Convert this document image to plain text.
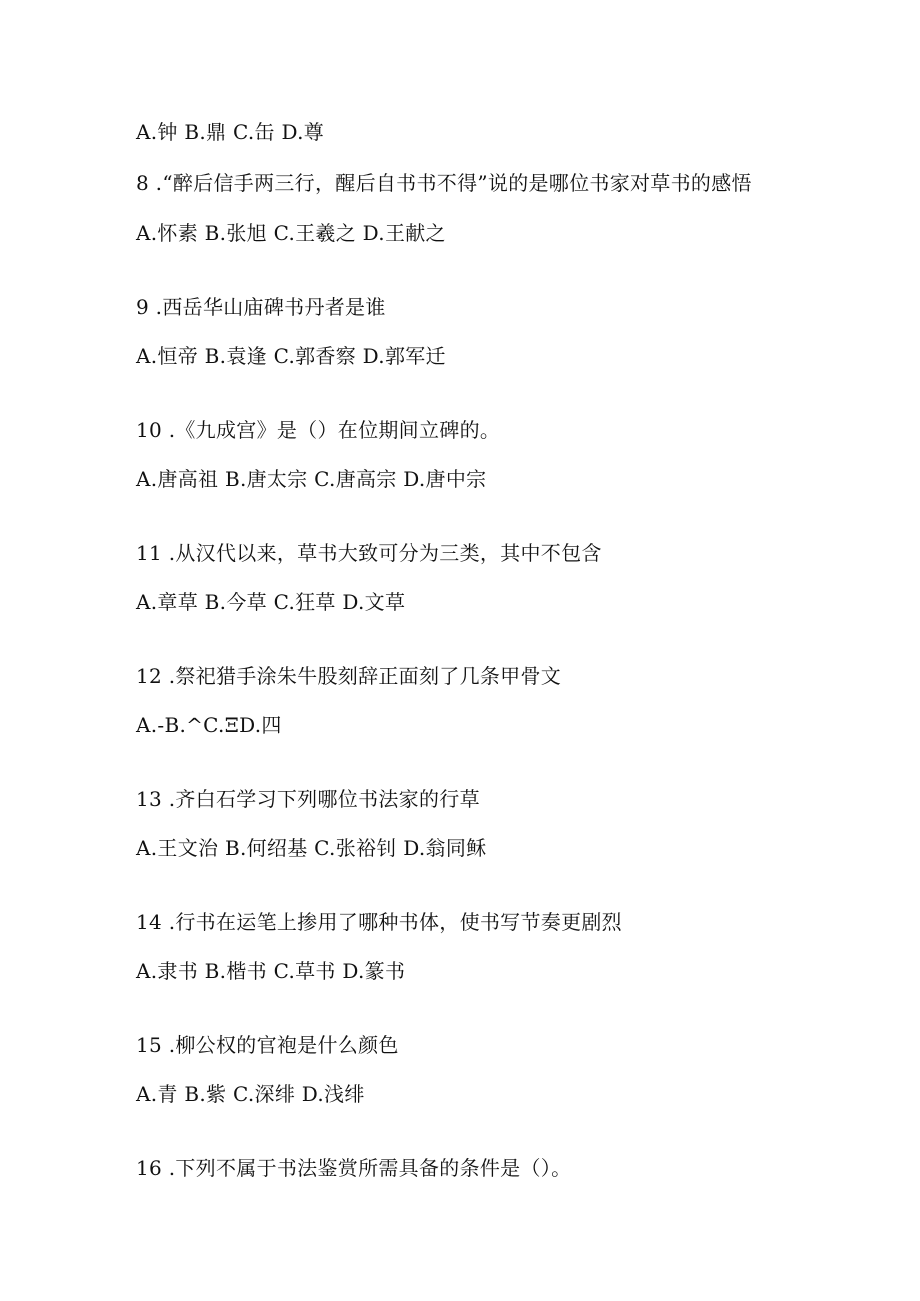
A.钟 B.鼎 C.缶 D.尊
8 .“醉后信手两三行，醒后自书书不得”说的是哪位书家对草书的感悟
A.怀素 B.张旭 C.王羲之 D.王献之
9 .西岳华山庙碑书丹者是谁
A.恒帝 B.袁逢 C.郭香察 D.郭军迁
10 .《九成宫》是（）在位期间立碑的。
A.唐高祖 B.唐太宗 C.唐高宗 D.唐中宗
11 .从汉代以来，草书大致可分为三类，其中不包含
A.章草 B.今草 C.狂草 D.文草
12 .祭祀猎手涂朱牛股刻辞正面刻了几条甲骨文
A.-B.^C.ΞD.四
13 .齐白石学习下列哪位书法家的行草
A.王文治 B.何绍基 C.张裕钊 D.翁同稣
14 .行书在运笔上掺用了哪种书体，使书写节奏更剧烈
A.隶书 B.楷书 C.草书 D.篆书
15 .柳公权的官袍是什么颜色
A.青 B.紫 C.深绯 D.浅绯
16 .下列不属于书法鉴赏所需具备的条件是（）。
